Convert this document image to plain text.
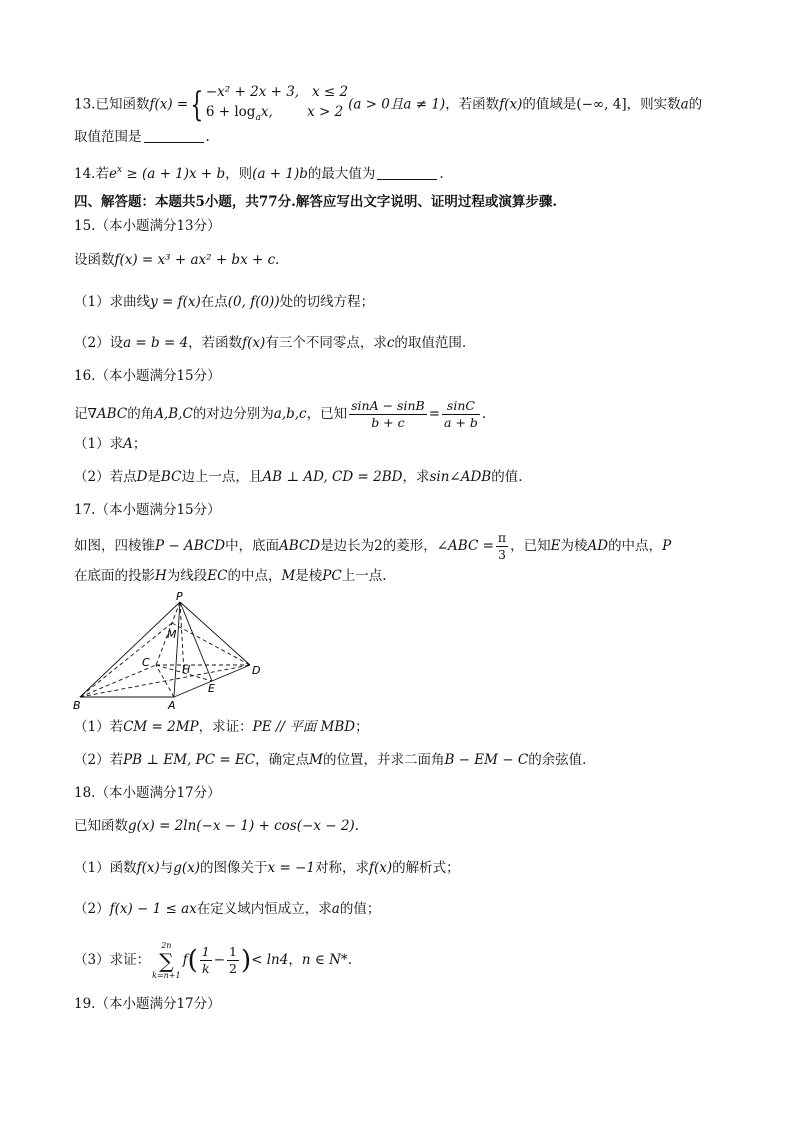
13.已知函数f(x) ={ −x² + 2x + 3, x ≤ 2
$6 + \log_ax$,	x > 2 (a > 0且a ≠ 1)，若函数f(x)的值域是(−∞, 4]，则实数a的
取值范围是	.
14.若$e^x \ge (a + 1)x + b$，则(a + 1)b的最大值为	.
四、解答题：本题共5小题，共77分.解答应写出文字说明、证明过程或演算步骤.
15.（本小题满分13分）
设函数f(x) = x³ + ax² + bx + c.
（1）求曲线y = f(x)在点(0, f(0))处的切线方程；
（2）设a = b = 4，若函数f(x)有三个不同零点，求c的取值范围.
16.（本小题满分15分）
记∇ABC的角A,B,C的对边分别为a,b,c，已知 $\frac{\sin A - \sin B}{b + c} = \frac{\sin C}{a + b}$ .
（1）求A；
（2）若点D是BC边上一点，且AB ⊥ AD, CD = 2BD，求sin∠ADB的值.
17.（本小题满分15分）
如图，四棱锥P − ABCD中，底面ABCD是边长为2的菱形，∠ABC = $\frac{\pi}{3}$ ，已知E为棱AD的中点，P
在底面的投影H为线段EC的中点，M是棱PC上一点.
P
M
C
H	D
E
B	A
（1）若CM = 2MP，求证：PE // 平面 MBD；
（2）若PB ⊥ EM, PC = EC，确定点M的位置，并求二面角B − EM − C的余弦值.
18.（本小题满分17分）
已知函数g(x) = 2ln(−x − 1) + cos(−x − 2).
（1）函数f(x)与g(x)的图像关于x = −1对称，求f(x)的解析式；
（2）f(x) − 1 ≤ ax在定义域内恒成立，求a的值；
（3）求证：
2n
∑
k=n+1
$f( \frac{1}{k} - \frac{1}{2}$ )< ln4，n ∈ N*.
19.（本小题满分17分）
